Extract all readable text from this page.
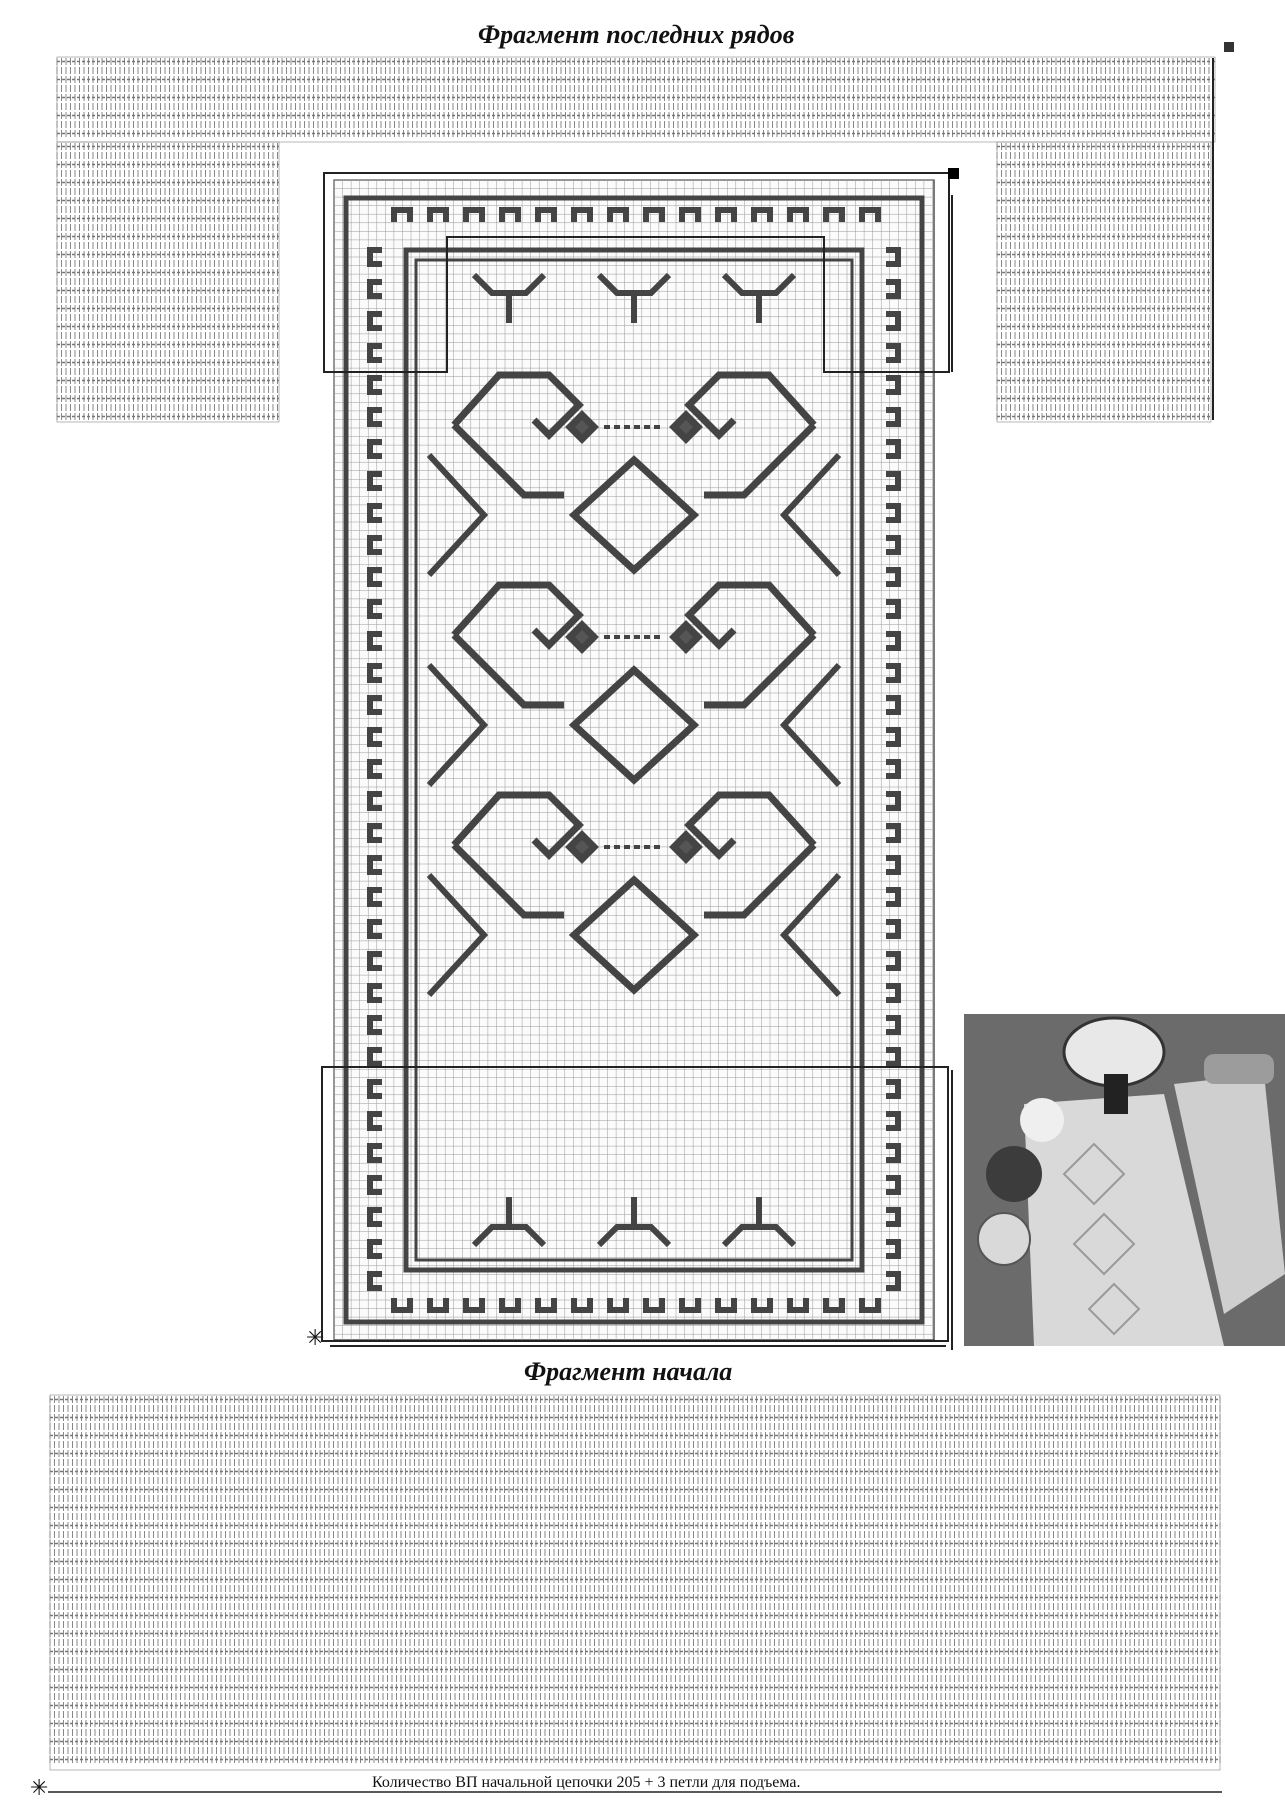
Фрагмент последних рядов
Фрагмент начала
✳
✳	Количество ВП начальной цепочки 205 + 3 петли для подъема.
